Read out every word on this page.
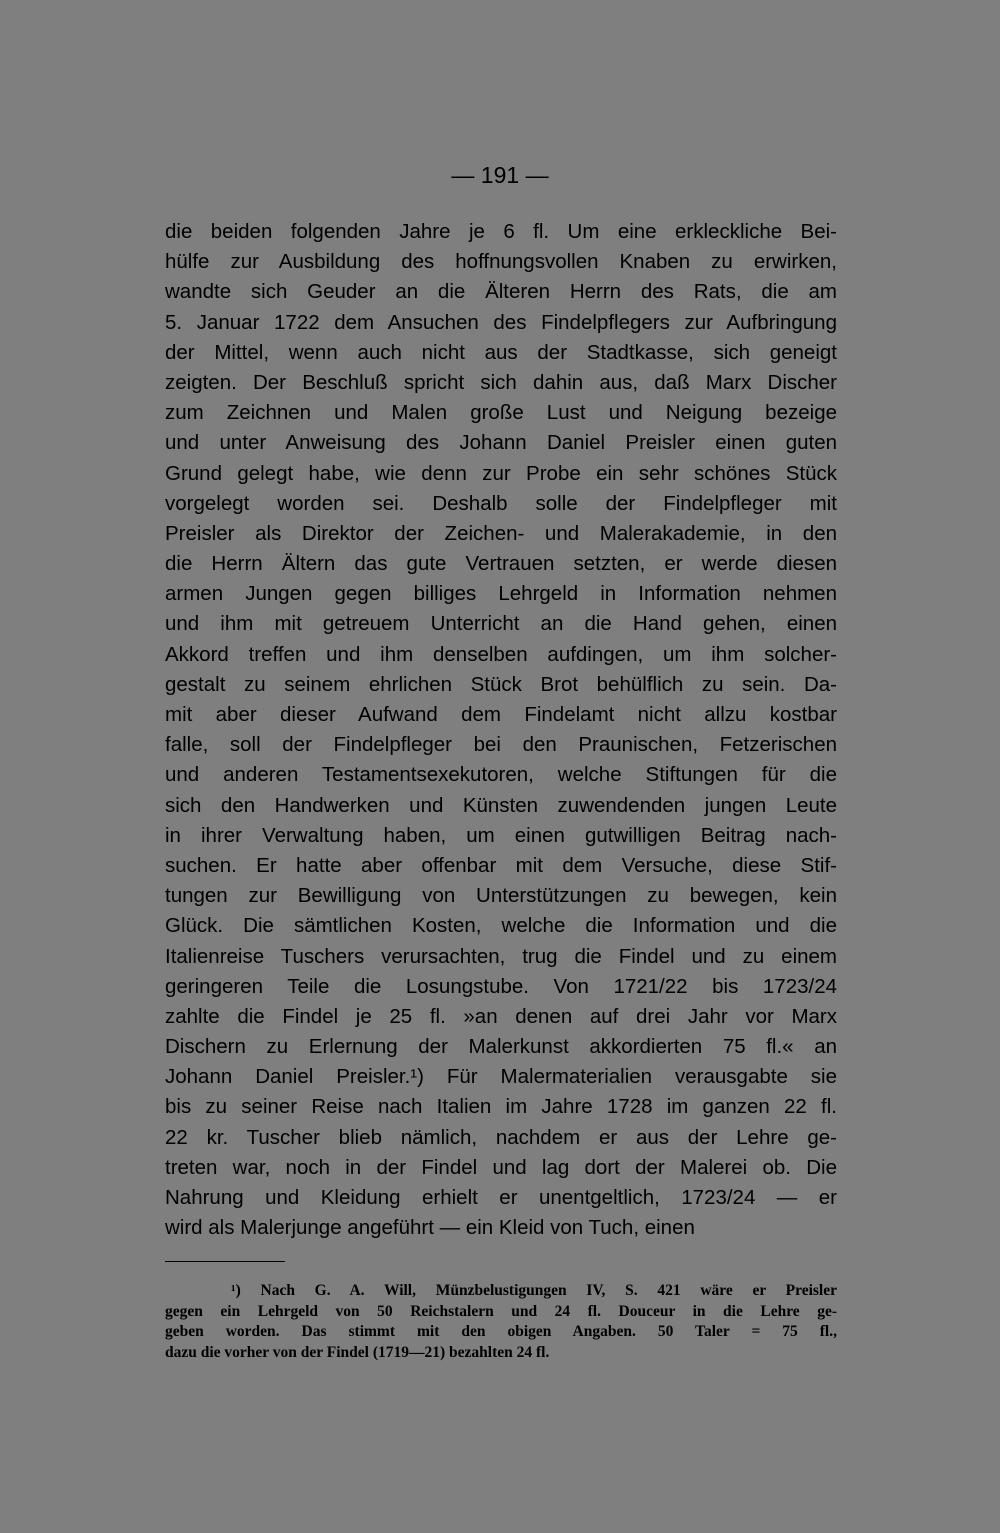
— 191 —
die beiden folgenden Jahre je 6 fl. Um eine erkleckliche Bei-
hülfe zur Ausbildung des hoffnungsvollen Knaben zu erwirken,
wandte sich Geuder an die Älteren Herrn des Rats, die am
5. Januar 1722 dem Ansuchen des Findelpflegers zur Aufbringung
der Mittel, wenn auch nicht aus der Stadtkasse, sich geneigt
zeigten. Der Beschluß spricht sich dahin aus, daß Marx Discher
zum Zeichnen und Malen große Lust und Neigung bezeige
und unter Anweisung des Johann Daniel Preisler einen guten
Grund gelegt habe, wie denn zur Probe ein sehr schönes Stück
vorgelegt worden sei. Deshalb solle der Findelpfleger mit
Preisler als Direktor der Zeichen- und Malerakademie, in den
die Herrn Ältern das gute Vertrauen setzten, er werde diesen
armen Jungen gegen billiges Lehrgeld in Information nehmen
und ihm mit getreuem Unterricht an die Hand gehen, einen
Akkord treffen und ihm denselben aufdingen, um ihm solcher-
gestalt zu seinem ehrlichen Stück Brot behülflich zu sein. Da-
mit aber dieser Aufwand dem Findelamt nicht allzu kostbar
falle, soll der Findelpfleger bei den Praunischen, Fetzerischen
und anderen Testamentsexekutoren, welche Stiftungen für die
sich den Handwerken und Künsten zuwendenden jungen Leute
in ihrer Verwaltung haben, um einen gutwilligen Beitrag nach-
suchen. Er hatte aber offenbar mit dem Versuche, diese Stif-
tungen zur Bewilligung von Unterstützungen zu bewegen, kein
Glück. Die sämtlichen Kosten, welche die Information und die
Italienreise Tuschers verursachten, trug die Findel und zu einem
geringeren Teile die Losungstube. Von 1721/22 bis 1723/24
zahlte die Findel je 25 fl. »an denen auf drei Jahr vor Marx
Dischern zu Erlernung der Malerkunst akkordierten 75 fl.« an
Johann Daniel Preisler.¹) Für Malermaterialien verausgabte sie
bis zu seiner Reise nach Italien im Jahre 1728 im ganzen 22 fl.
22 kr. Tuscher blieb nämlich, nachdem er aus der Lehre ge-
treten war, noch in der Findel und lag dort der Malerei ob. Die
Nahrung und Kleidung erhielt er unentgeltlich, 1723/24 — er
wird als Malerjunge angeführt — ein Kleid von Tuch, einen
¹) Nach G. A. Will, Münzbelustigungen IV, S. 421 wäre er Preisler
gegen ein Lehrgeld von 50 Reichstalern und 24 fl. Douceur in die Lehre ge-
geben worden. Das stimmt mit den obigen Angaben. 50 Taler = 75 fl.,
dazu die vorher von der Findel (1719—21) bezahlten 24 fl.
